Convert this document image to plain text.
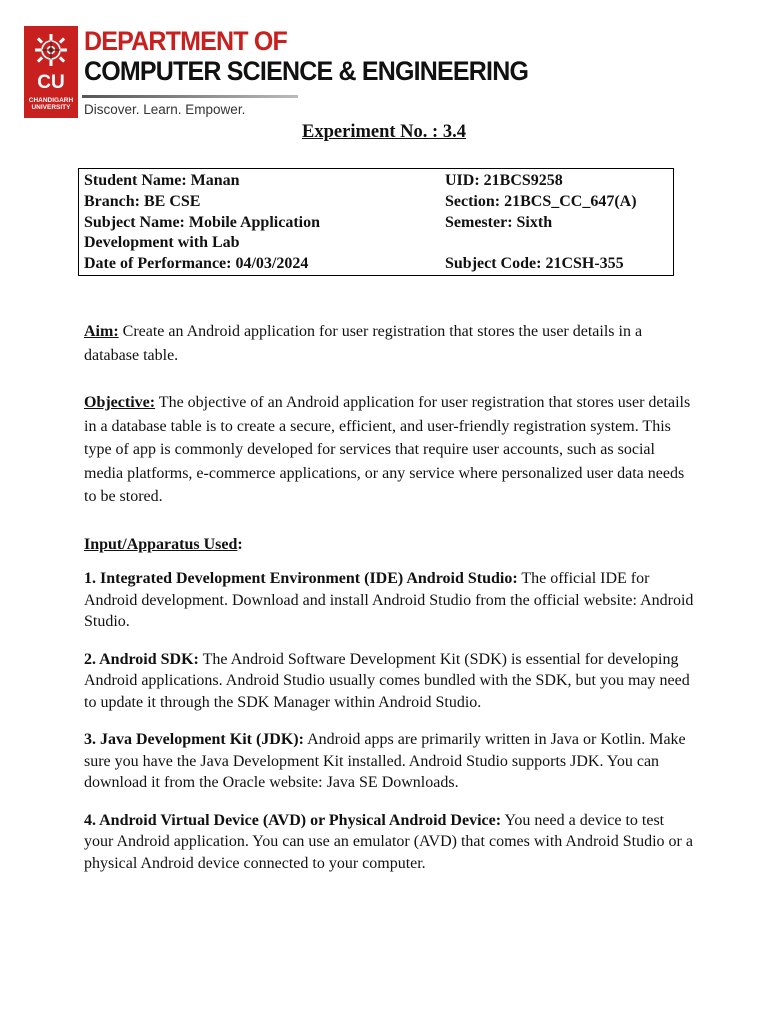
CU
CHANDIGARH UNIVERSITY
DEPARTMENT OF
COMPUTER SCIENCE & ENGINEERING
Discover. Learn. Empower.
Experiment No. : 3.4
Student Name: Manan
Branch: BE CSE
Subject Name: Mobile Application
Development with Lab
Date of Performance: 04/03/2024
UID: 21BCS9258
Section: 21BCS_CC_647(A)
Semester: Sixth

Subject Code: 21CSH-355

Aim: Create an Android application for user registration that stores the user details in a database table.

Objective: The objective of an Android application for user registration that stores user details in a database table is to create a secure, efficient, and user-friendly registration system. This type of app is commonly developed for services that require user accounts, such as social media platforms, e-commerce applications, or any service where personalized user data needs to be stored.

Input/Apparatus Used:

1. Integrated Development Environment (IDE) Android Studio: The official IDE for Android development. Download and install Android Studio from the official website: Android Studio.

2. Android SDK: The Android Software Development Kit (SDK) is essential for developing Android applications. Android Studio usually comes bundled with the SDK, but you may need to update it through the SDK Manager within Android Studio.

3. Java Development Kit (JDK): Android apps are primarily written in Java or Kotlin. Make sure you have the Java Development Kit installed. Android Studio supports JDK. You can download it from the Oracle website: Java SE Downloads.

4. Android Virtual Device (AVD) or Physical Android Device: You need a device to test your Android application. You can use an emulator (AVD) that comes with Android Studio or a physical Android device connected to your computer.
